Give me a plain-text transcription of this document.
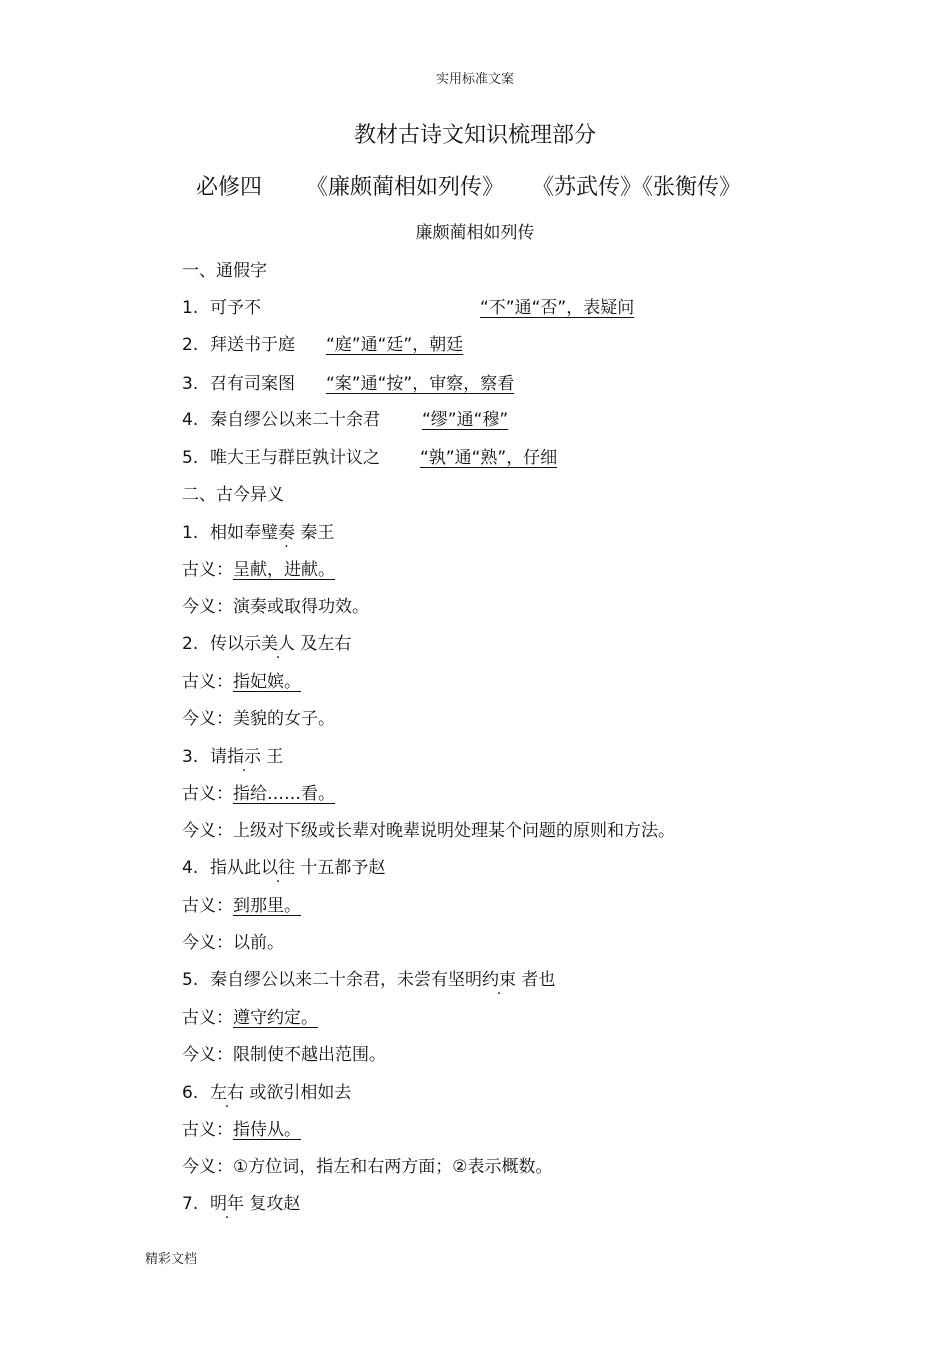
实用标准文案
教材古诗文知识梳理部分
必修四 《廉颇蔺相如列传》 《苏武传》《张衡传》
廉颇蔺相如列传
一、通假字
1. 可予不	“不”通“否”，表疑问
2. 拜送书于庭 “庭”通“廷”，朝廷
3. 召有司案图 “案”通“按”，审察，察看
4. 秦自缪公以来二十余君 “缪”通“穆”
5. 唯大王与群臣孰计议之 “孰”通“熟”，仔细
二、古今异义
1. 相如奉璧奏 秦王
古义：呈献，进献。
今义：演奏或取得功效。
2. 传以示美人 及左右
古义：指妃嫔。
今义：美貌的女子。
3. 请指示 王
古义：指给……看。
今义：上级对下级或长辈对晚辈说明处理某个问题的原则和方法。
4. 指从此以往 十五都予赵
古义：到那里。
今义：以前。
5. 秦自缪公以来二十余君，未尝有坚明约束 者也
古义：遵守约定。
今义：限制使不越出范围。
6. 左右 或欲引相如去
古义：指侍从。
今义：①方位词，指左和右两方面；②表示概数。
7. 明年 复攻赵
精彩文档
